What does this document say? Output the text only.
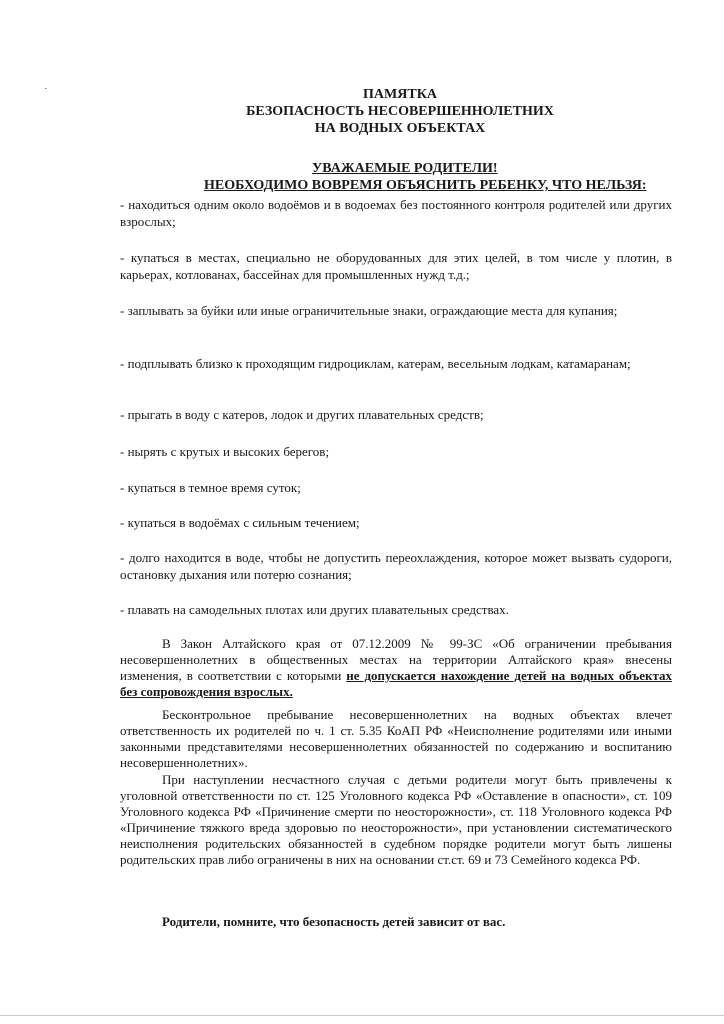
ПАМЯТКА
БЕЗОПАСНОСТЬ НЕСОВЕРШЕННОЛЕТНИХ
НА ВОДНЫХ ОБЪЕКТАХ
УВАЖАЕМЫЕ РОДИТЕЛИ!
НЕОБХОДИМО ВОВРЕМЯ ОБЪЯСНИТЬ РЕБЕНКУ, ЧТО НЕЛЬЗЯ:
- находиться одним около водоёмов и в водоемах без постоянного контроля родителей или других взрослых;
- купаться в местах, специально не оборудованных для этих целей, в том числе у плотин, в карьерах, котлованах, бассейнах для промышленных нужд т.д.;
- заплывать за буйки или иные ограничительные знаки, ограждающие места для купания;
- подплывать близко к проходящим гидроциклам, катерам, весельным лодкам, катамаранам;
- прыгать в воду с катеров, лодок и других плавательных средств;
- нырять с крутых и высоких берегов;
- купаться в темное время суток;
- купаться в водоёмах с сильным течением;
- долго находится в воде, чтобы не допустить переохлаждения, которое может вызвать судороги, остановку дыхания или потерю сознания;
- плавать на самодельных плотах или других плавательных средствах.
В Закон Алтайского края от 07.12.2009 № 99-ЗС «Об ограничении пребывания несовершеннолетних в общественных местах на территории Алтайского края» внесены изменения, в соответствии с которыми не допускается нахождение детей на водных объектах без сопровождения взрослых.
Бесконтрольное пребывание несовершеннолетних на водных объектах влечет ответственность их родителей по ч. 1 ст. 5.35 КоАП РФ «Неисполнение родителями или иными законными представителями несовершеннолетних обязанностей по содержанию и воспитанию несовершеннолетних».
При наступлении несчастного случая с детьми родители могут быть привлечены к уголовной ответственности по ст. 125 Уголовного кодекса РФ «Оставление в опасности», ст. 109 Уголовного кодекса РФ «Причинение смерти по неосторожности», ст. 118 Уголовного кодекса РФ «Причинение тяжкого вреда здоровью по неосторожности», при установлении систематического неисполнения родительских обязанностей в судебном порядке родители могут быть лишены родительских прав либо ограничены в них на основании ст.ст. 69 и 73 Семейного кодекса РФ.
Родители, помните, что безопасность детей зависит от вас.
